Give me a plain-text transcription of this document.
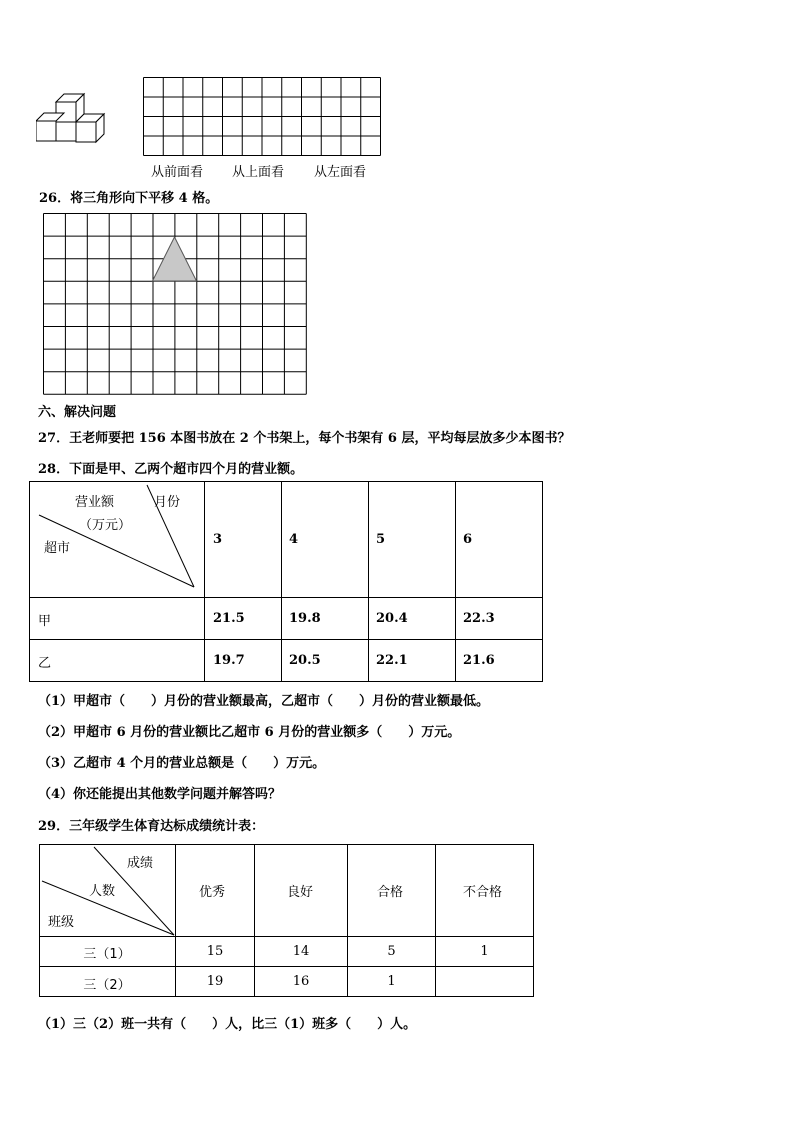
从前面看 从上面看 从左面看
26．将三角形向下平移 4 格。
六、解决问题
27．王老师要把 156 本图书放在 2 个书架上，每个书架有 6 层，平均每层放多少本图书？
28．下面是甲、乙两个超市四个月的营业额。
营业额	月份
（万元）
超市
3	4	5	6
甲	21.5	19.8	20.4	22.3
乙	19.7	20.5	22.1	21.6
（1）甲超市（　　）月份的营业额最高，乙超市（　　）月份的营业额最低。
（2）甲超市 6 月份的营业额比乙超市 6 月份的营业额多（　　）万元。
（3）乙超市 4 个月的营业总额是（　　）万元。
（4）你还能提出其他数学问题并解答吗？
29．三年级学生体育达标成绩统计表：
成绩
人数
班级
优秀	良好	合格	不合格
三（1）	15	14	5	1
三（2）	19	16	1
（1）三（2）班一共有（　　）人，比三（1）班多（　　）人。
